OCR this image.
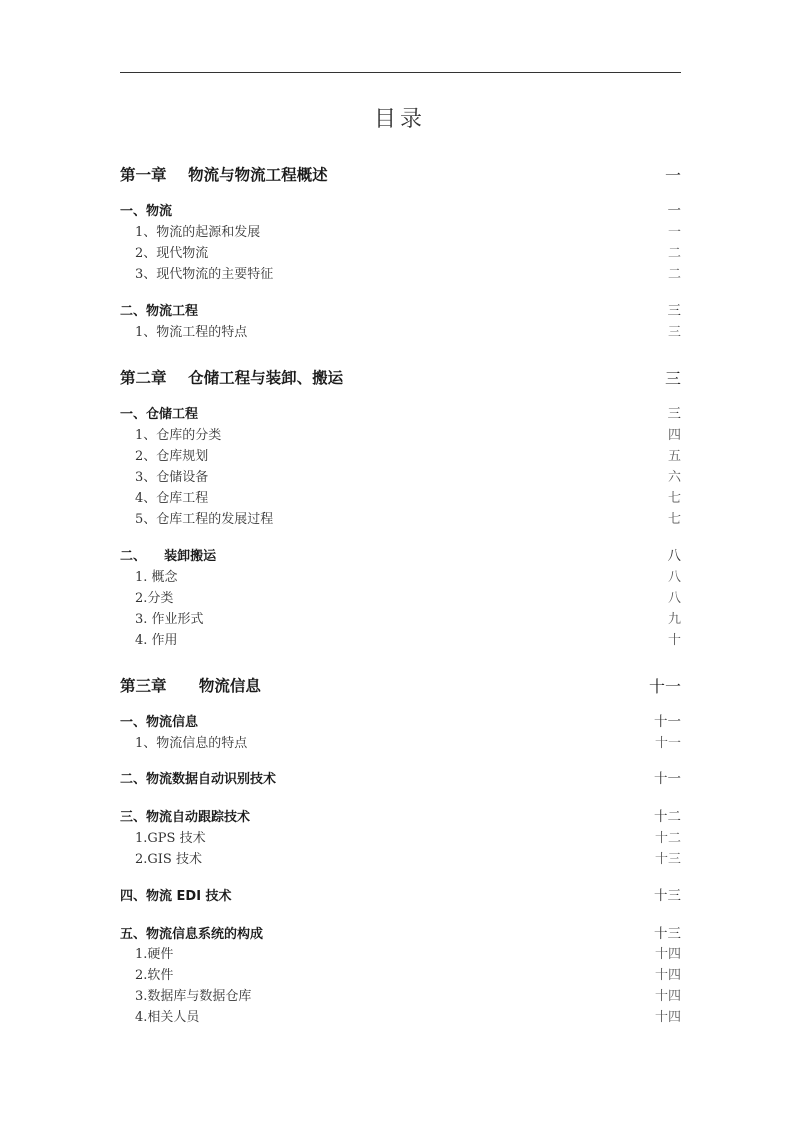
目录
第一章    物流与物流工程概述	一
一、物流	一
1、物流的起源和发展	一
2、现代物流	二
3、现代物流的主要特征	二
二、物流工程	三
1、物流工程的特点	三
第二章    仓储工程与装卸、搬运	三
一、仓储工程	三
1、仓库的分类	四
2、仓库规划	五
3、仓储设备	六
4、仓库工程	七
5、仓库工程的发展过程	七
二、    装卸搬运	八
1. 概念	八
2.分类	八
3. 作业形式	九
4. 作用	十
第三章      物流信息	十一
一、物流信息	十一
1、物流信息的特点	十一
二、物流数据自动识别技术	十一
三、物流自动跟踪技术	十二
1.GPS 技术	十二
2.GIS 技术	十三
四、物流 EDI 技术	十三
五、物流信息系统的构成	十三
1.硬件	十四
2.软件	十四
3.数据库与数据仓库	十四
4.相关人员	十四
